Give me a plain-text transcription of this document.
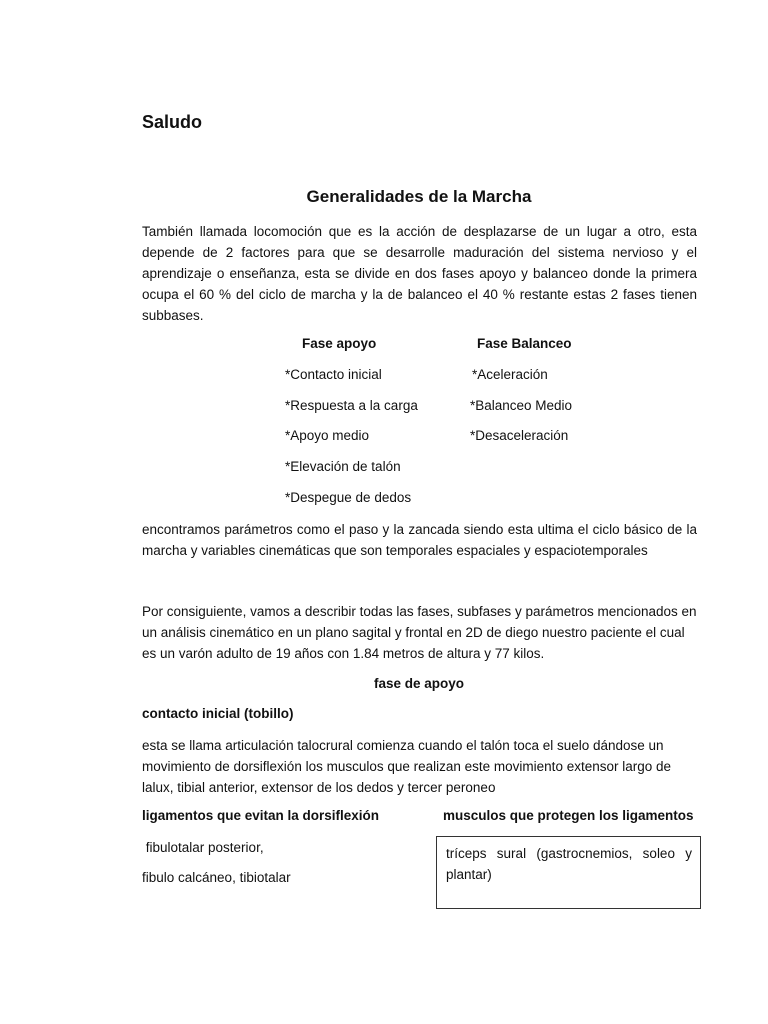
Saludo

Generalidades de la Marcha

También llamada locomoción que es la acción de desplazarse de un lugar a otro, esta depende de 2 factores para que se desarrolle maduración del sistema nervioso y el aprendizaje o enseñanza, esta se divide en dos fases apoyo y balanceo donde la primera ocupa el 60 % del ciclo de marcha y la de balanceo el 40 % restante estas 2 fases tienen subbases.

Fase apoyo	Fase Balanceo

*Contacto inicial

*Respuesta a la carga

*Apoyo medio

*Elevación de talón

*Despegue de dedos

*Aceleración

*Balanceo Medio

*Desaceleración

encontramos parámetros como el paso y la zancada siendo esta ultima el ciclo básico de la marcha y variables cinemáticas que son temporales espaciales y espaciotemporales

Por consiguiente, vamos a describir todas las fases, subfases y parámetros mencionados en un análisis cinemático en un plano sagital y frontal en 2D de diego nuestro paciente el cual es un varón adulto de 19 años con 1.84 metros de altura y 77 kilos.

fase de apoyo

contacto inicial (tobillo)

esta se llama articulación talocrural comienza cuando el talón toca el suelo dándose un movimiento de dorsiflexión los musculos que realizan este movimiento extensor largo de lalux, tibial anterior, extensor de los dedos y tercer peroneo

ligamentos que evitan la dorsiflexión	musculos que protegen los ligamentos

fibulotalar posterior,

fibulo calcáneo, tibiotalar

tríceps sural (gastrocnemios, soleo y plantar)
